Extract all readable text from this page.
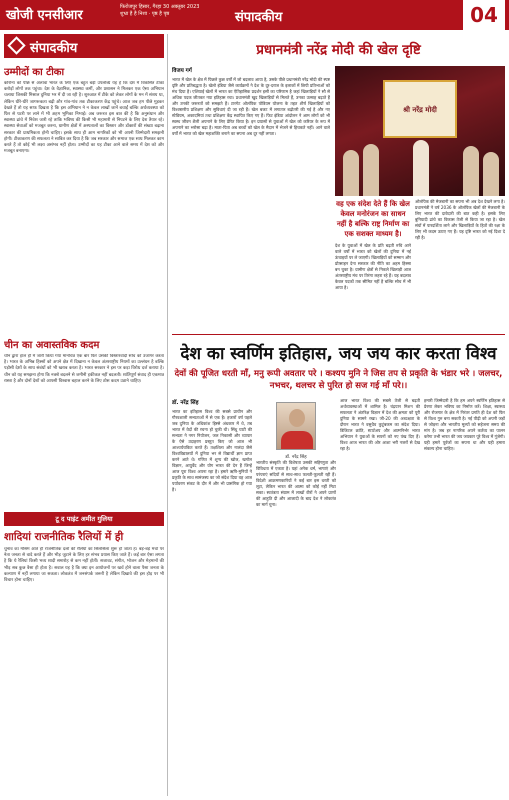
खोजी एनसीआर
फिरोजपुर हिसार, गैरहा 30 अक्तूबर 2023
शुभ्रा है है निशा · पृष्ठ है पृष्ठ	संपादकीय	04
संपादकीय
उम्मीदों का टीका
कोरोना को पीछे से अलावा भारत के लिए एक बहुत बड़ी उपलब्धि यह है कि देश में विकसित टीका करोड़ों लोगों तक पहुंचा। देश के वैज्ञानिक, स्वास्थ्य कर्मी, और प्रशासन ने मिलकर एक ऐसा अभियान चलाया जिसकी मिसाल दुनिया भर में दी जा रही है। शुरुआत में टीके को लेकर लोगों के मन में संशय था, लेकिन धीरे-धीरे जागरूकता बढ़ी और गांव-गांव तक टीकाकरण केंद्र पहुंचे। आज जब हम पीछे मुड़कर देखते हैं तो यह साफ दिखता है कि इस अभियान ने न केवल लाखों जानें बचाईं बल्कि अर्थव्यवस्था को फिर से पटरी पर लाने में भी अहम भूमिका निभाई। अब जरूरत इस बात की है कि अनुसंधान और स्वास्थ्य ढांचे में निवेश जारी रहे ताकि भविष्य की किसी भी महामारी से निपटने के लिए देश तैयार रहे। स्वास्थ्य सेवाओं को मजबूत करना, ग्रामीण क्षेत्रों में अस्पतालों का विस्तार और डॉक्टरों की संख्या बढ़ाना सरकार की प्राथमिकता होनी चाहिए। इसके साथ ही आम नागरिकों को भी अपनी जिम्मेदारी समझनी होगी। टीकाकरण की सफलता ने साबित कर दिया है कि जब सरकार और समाज एक साथ मिलकर काम करते हैं तो कोई भी लक्ष्य असंभव नहीं होता। उम्मीदों का यह टीका आने वाले समय में देश को और मजबूत बनाएगा।
चीन का अवास्तविक कदम
चीन द्वारा हाल ही में जारी किया गया मानचित्र एक बार फिर उसकी विस्तारवादी सोच को उजागर करता है। भारत के अभिन्न हिस्सों को अपने क्षेत्र में दिखाना न केवल अंतरराष्ट्रीय नियमों का उल्लंघन है बल्कि पड़ोसी देशों के साथ संबंधों को भी खराब करता है। भारत सरकार ने इस पर कड़ा विरोध दर्ज कराया है। चीन को यह समझना होगा कि नक्शे बदलने से जमीनी हकीकत नहीं बदलती। शांतिपूर्ण संवाद ही एकमात्र रास्ता है और दोनों देशों को आपसी विश्वास बहाल करने के लिए ठोस कदम उठाने चाहिए।
टू द पाइंट अमीत गुलिया
शादियां राजनीतिक रैलियों में ही
चुनाव का मौसम आते ही राजनीतिक दलों की रैलियों का सिलसिला शुरू हो जाता है। बड़े-बड़े मंचों पर नेता जनता से वादे करते हैं और भीड़ जुटाने के लिए हर संभव प्रयास किए जाते हैं। कई बार ऐसा लगता है कि ये रैलियां किसी भव्य शादी समारोह से कम नहीं होतीं। सजावट, संगीत, भोजन और मेहमानों की भीड़ सब कुछ वैसा ही होता है। सवाल यह है कि क्या इन आयोजनों पर खर्च होने वाला पैसा जनता के कल्याण में नहीं लगाया जा सकता। लोकतंत्र में जनसंपर्क जरूरी है लेकिन दिखावे की इस होड़ पर भी विचार होना चाहिए।
प्रधानमंत्री नरेंद्र मोदी की खेल दृष्टि
विजय गर्ग
भारत में खेल के क्षेत्र में पिछले कुछ वर्षों में जो बदलाव आया है, उसके पीछे प्रधानमंत्री नरेंद्र मोदी की स्पष्ट दृष्टि और प्रतिबद्धता है। खेलो इंडिया जैसे कार्यक्रमों ने देश के दूर-दराज के इलाकों में छिपी प्रतिभाओं को मंच दिया है। एशियाई खेलों में भारत का ऐतिहासिक प्रदर्शन इसी का परिणाम है जहां खिलाड़ियों ने सौ से अधिक पदक जीतकर नया इतिहास रचा। प्रधानमंत्री खुद खिलाड़ियों से मिलते हैं, उनका उत्साह बढ़ाते हैं और उनकी जरूरतों को समझते हैं। टारगेट ओलंपिक पोडियम योजना के तहत शीर्ष खिलाड़ियों को विश्वस्तरीय प्रशिक्षण और सुविधाएं दी जा रही हैं। खेल बजट में लगातार बढ़ोतरी की गई है और नए स्टेडियम, अकादमियां तथा प्रशिक्षण केंद्र स्थापित किए गए हैं। फिट इंडिया आंदोलन ने आम लोगों को भी स्वस्थ जीवन शैली अपनाने के लिए प्रेरित किया है। इन प्रयासों से युवाओं में खेल को करियर के रूप में अपनाने का भरोसा बढ़ा है। माता-पिता अब बच्चों को खेल के मैदान में भेजने से हिचकते नहीं। आने वाले वर्षों में भारत को खेल महाशक्ति बनाने का सपना अब दूर नहीं लगता।
श्री नरेंद्र मोदी
वह एक संदेश देते हैं कि खेल केवल मनोरंजन का साधन नहीं है बल्कि राष्ट्र निर्माण का एक सशक्त माध्यम है।
देश के युवाओं में खेल के प्रति बढ़ती रुचि आने वाले वर्षों में भारत को खेलों की दुनिया में नई ऊंचाइयों पर ले जाएगी। खिलाड़ियों को सम्मान और प्रोत्साहन देना सरकार की नीति का अहम हिस्सा बन चुका है। ग्रामीण क्षेत्रों से निकले खिलाड़ी आज अंतरराष्ट्रीय मंच पर तिरंगा लहरा रहे हैं। यह बदलाव केवल पदकों तक सीमित नहीं है बल्कि सोच में भी आया है।
ओलंपिक की मेजबानी का सपना भी अब देश देखने लगा है। प्रधानमंत्री ने वर्ष 2036 के ओलंपिक खेलों की मेजबानी के लिए भारत की दावेदारी की बात कही है। इसके लिए बुनियादी ढांचे का विकास तेजी से किया जा रहा है। खेल संघों में पारदर्शिता लाने और खिलाड़ियों के हितों की रक्षा के लिए भी कदम उठाए गए हैं। यह दृष्टि भारत को नई दिशा दे रही है।
देश का स्वर्णिम इतिहास, जय जय कार करता विश्व
देवों की पूजित धरती माँ, मनु रूपी अवतार परे । कश्यप मुनि ने जिस तप से प्रकृति के भंडार भरे । जलचर, नभचर, थलचर से पुरित हो सज गई माँ परे।।
डॉ. नरेंद्र सिंह
भारत का इतिहास विश्व की सबसे प्राचीन और गौरवशाली सभ्यताओं में से एक है। हजारों वर्ष पहले जब दुनिया के अधिकांश हिस्से अंधकार में थे, तब भारत में वेदों की रचना हो चुकी थी। सिंधु घाटी की सभ्यता ने नगर नियोजन, जल निकासी और व्यापार के ऐसे उदाहरण प्रस्तुत किए जो आज भी आश्चर्यचकित करते हैं। तक्षशिला और नालंदा जैसे विश्वविद्यालयों में दुनिया भर से विद्यार्थी ज्ञान प्राप्त करने आते थे। गणित में शून्य की खोज, खगोल विज्ञान, आयुर्वेद और योग भारत की देन हैं जिन्हें आज पूरा विश्व अपना रहा है। हमारे ऋषि-मुनियों ने प्रकृति के साथ सामंजस्य का जो संदेश दिया वह आज पर्यावरण संकट के दौर में और भी प्रासंगिक हो गया है।
डॉ. नरेंद्र सिंह
भारतीय संस्कृति की विशेषता उसकी सहिष्णुता और विविधता में एकता है। यहां अनेक धर्म, भाषाएं और परंपराएं सदियों से साथ-साथ फलती-फूलती रही हैं। विदेशी आक्रमणकारियों ने कई बार इस धरती को लूटा, लेकिन भारत की आत्मा को कोई नहीं मिटा सका। स्वतंत्रता संग्राम में लाखों वीरों ने अपने प्राणों की आहुति दी और आजादी के बाद देश ने लोकतंत्र का मार्ग चुना।
आज भारत विश्व की सबसे तेजी से बढ़ती अर्थव्यवस्थाओं में शामिल है। चंद्रयान मिशन की सफलता ने अंतरिक्ष विज्ञान में देश की क्षमता को पूरी दुनिया के सामने रखा। जी-20 की अध्यक्षता के दौरान भारत ने वसुधैव कुटुंबकम का संदेश दिया। डिजिटल क्रांति, स्टार्टअप और आत्मनिर्भर भारत अभियान ने युवाओं के सपनों को नए पंख दिए हैं। विश्व आज भारत की ओर आशा भरी नजरों से देख रहा है।
हमारी जिम्मेदारी है कि हम अपने स्वर्णिम इतिहास से प्रेरणा लेकर भविष्य का निर्माण करें। शिक्षा, स्वास्थ्य और रोजगार के क्षेत्र में निरंतर प्रगति ही देश को फिर से विश्व गुरु बना सकती है। नई पीढ़ी को अपनी जड़ों से जोड़ना और भारतीय मूल्यों को सहेजना समय की मांग है। जब हर नागरिक अपने कर्तव्य का पालन करेगा तभी भारत की जय जयकार पूरे विश्व में गूंजेगी। यही हमारे पूर्वजों का सपना था और यही हमारा संकल्प होना चाहिए।
